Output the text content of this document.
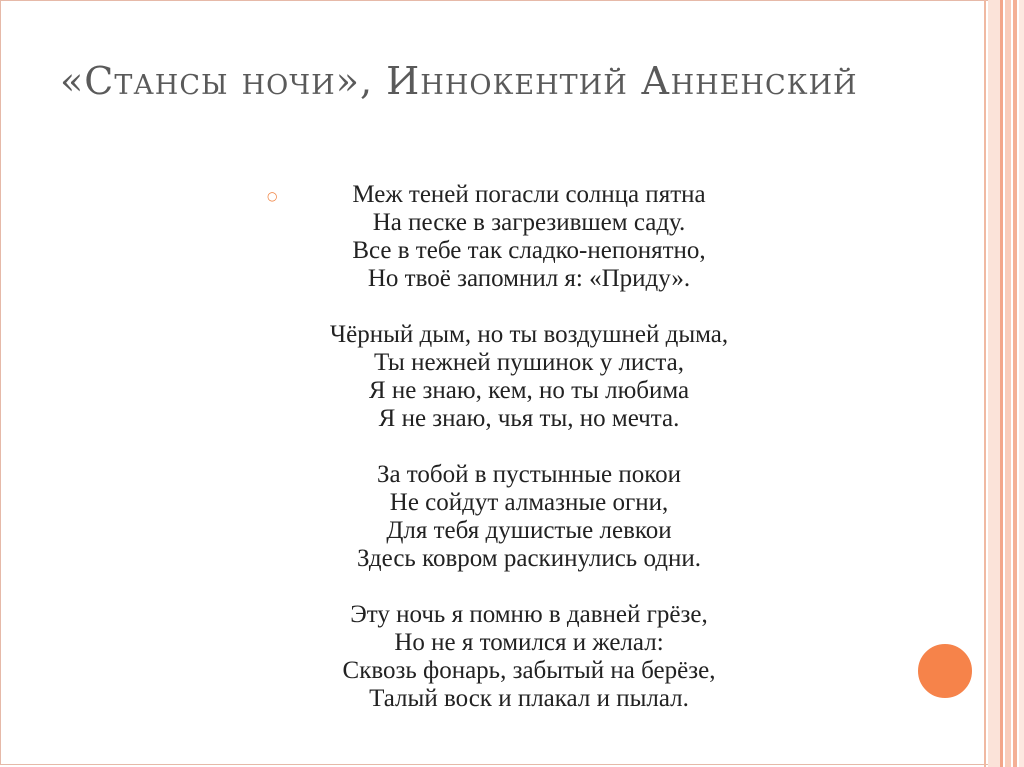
«Стансы ночи», Иннокентий Анненский
○	Меж теней погасли солнца пятна
На песке в загрезившем саду.
Все в тебе так сладко-непонятно,
Но твоё запомнил я: «Приду».

Чёрный дым, но ты воздушней дыма,
Ты нежней пушинок у листа,
Я не знаю, кем, но ты любима
Я не знаю, чья ты, но мечта.

За тобой в пустынные покои
Не сойдут алмазные огни,
Для тебя душистые левкои
Здесь ковром раскинулись одни.

Эту ночь я помню в давней грёзе,
Но не я томился и желал:
Сквозь фонарь, забытый на берёзе,
Талый воск и плакал и пылал.
